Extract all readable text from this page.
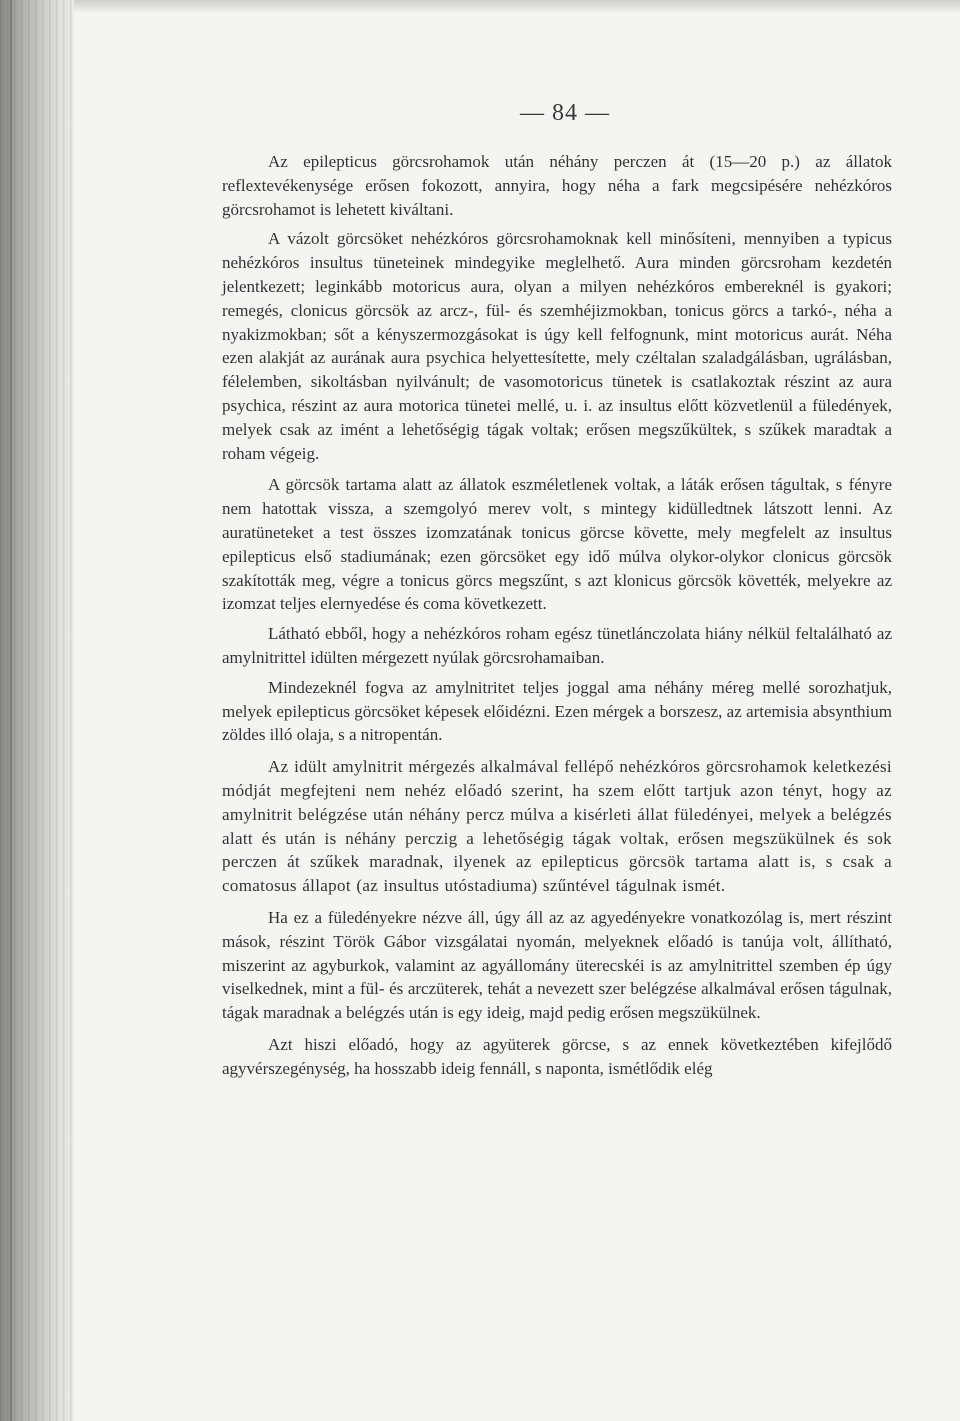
— 84 —

Az epilepticus görcsrohamok után néhány perczen át (15—20 p.) az állatok reflextevékenysége erősen fokozott, annyira, hogy néha a fark megcsipésére nehézkóros görcsrohamot is lehetett kiváltani.

A vázolt görcsöket nehézkóros görcsrohamoknak kell minősíteni, mennyiben a typicus nehézkóros insultus tüneteinek mindegyike meglelhető. Aura minden görcsroham kezdetén jelentkezett; leginkább motoricus aura, olyan a milyen nehézkóros embereknél is gyakori; remegés, clonicus görcsök az arcz-, fül- és szemhéjizmokban, tonicus görcs a tarkó-, néha a nyakizmokban; sőt a kényszermozgásokat is úgy kell felfognunk, mint motoricus aurát. Néha ezen alakját az aurának aura psychica helyettesítette, mely czéltalan szaladgálásban, ugrálásban, félelemben, sikoltásban nyilvánult; de vasomotoricus tünetek is csatlakoztak részint az aura psychica, részint az aura motorica tünetei mellé, u. i. az insultus előtt közvetlenül a füledények, melyek csak az imént a lehetőségig tágak voltak; erősen megszűkültek, s szűkek maradtak a roham végeig.

A görcsök tartama alatt az állatok eszméletlenek voltak, a láták erősen tágultak, s fényre nem hatottak vissza, a szemgolyó merev volt, s mintegy kidülledtnek látszott lenni. Az auratüneteket a test összes izomzatának tonicus görcse követte, mely megfelelt az insultus epilepticus első stadiumának; ezen görcsöket egy idő múlva olykor-olykor clonicus görcsök szakították meg, végre a tonicus görcs megszűnt, s azt klonicus görcsök követték, melyekre az izomzat teljes elernyedése és coma következett.

Látható ebből, hogy a nehézkóros roham egész tünetlánczolata hiány nélkül feltalálható az amylnitrittel idülten mérgezett nyúlak görcsrohamaiban.

Mindezeknél fogva az amylnitritet teljes joggal ama néhány méreg mellé sorozhatjuk, melyek epilepticus görcsöket képesek előidézni. Ezen mérgek a borszesz, az artemisia absynthium zöldes illó olaja, s a nitropentán.

Az idült amylnitrit mérgezés alkalmával fellépő nehézkóros görcsrohamok keletkezési módját megfejteni nem nehéz előadó szerint, ha szem előtt tartjuk azon tényt, hogy az amylnitrit belégzése után néhány percz múlva a kisérleti állat füledényei, melyek a belégzés alatt és után is néhány perczig a lehetőségig tágak voltak, erősen megszükülnek és sok perczen át szűkek maradnak, ilyenek az epilepticus görcsök tartama alatt is, s csak a comatosus állapot (az insultus utóstadiuma) szűntével tágulnak ismét.

Ha ez a füledényekre nézve áll, úgy áll az az agyedényekre vonatkozólag is, mert részint mások, részint Török Gábor vizsgálatai nyomán, melyeknek előadó is tanúja volt, állítható, miszerint az agyburkok, valamint az agyállomány üterecskéi is az amylnitrittel szemben ép úgy viselkednek, mint a fül- és arczüterek, tehát a nevezett szer belégzése alkalmával erősen tágulnak, tágak maradnak a belégzés után is egy ideig, majd pedig erősen megszükülnek.

Azt hiszi előadó, hogy az agyüterek görcse, s az ennek következtében kifejlődő agyvérszegénység, ha hosszabb ideig fennáll, s naponta, ismétlődik elég
